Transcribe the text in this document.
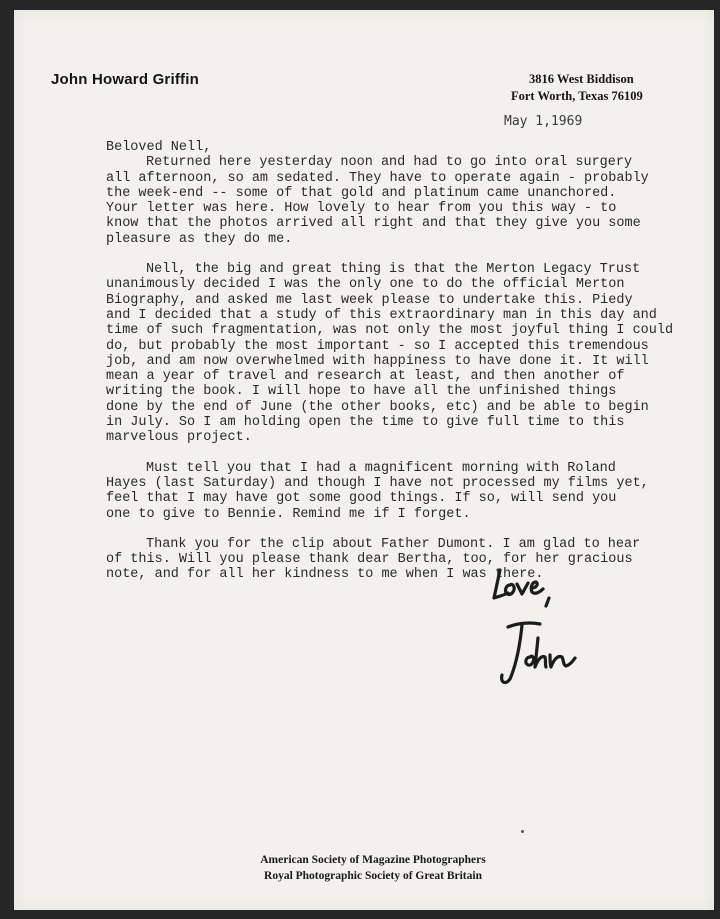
John Howard Griffin	3816 West Biddison
Fort Worth, Texas 76109
May 1,1969

Beloved Nell,

Returned here yesterday noon and had to go into oral surgery
all afternoon, so am sedated. They have to operate again - probably
the week-end -- some of that gold and platinum came unanchored.
Your letter was here. How lovely to hear from you this way - to
know that the photos arrived all right and that they give you some
pleasure as they do me.
Nell, the big and great thing is that the Merton Legacy Trust
unanimously decided I was the only one to do the official Merton
Biography, and asked me last week please to undertake this. Piedy
and I decided that a study of this extraordinary man in this day and
time of such fragmentation, was not only the most joyful thing I could
do, but probably the most important - so I accepted this tremendous
job, and am now overwhelmed with happiness to have done it. It will
mean a year of travel and research at least, and then another of
writing the book. I will hope to have all the unfinished things
done by the end of June (the other books, etc) and be able to begin
in July. So I am holding open the time to give full time to this
marvelous project.
Must tell you that I had a magnificent morning with Roland
Hayes (last Saturday) and though I have not processed my films yet,
feel that I may have got some good things. If so, will send you
one to give to Bennie. Remind me if I forget.
Thank you for the clip about Father Dumont. I am glad to hear
of this. Will you please thank dear Bertha, too, for her gracious
note, and for all her kindness to me when I was there.
American Society of Magazine Photographers
Royal Photographic Society of Great Britain
